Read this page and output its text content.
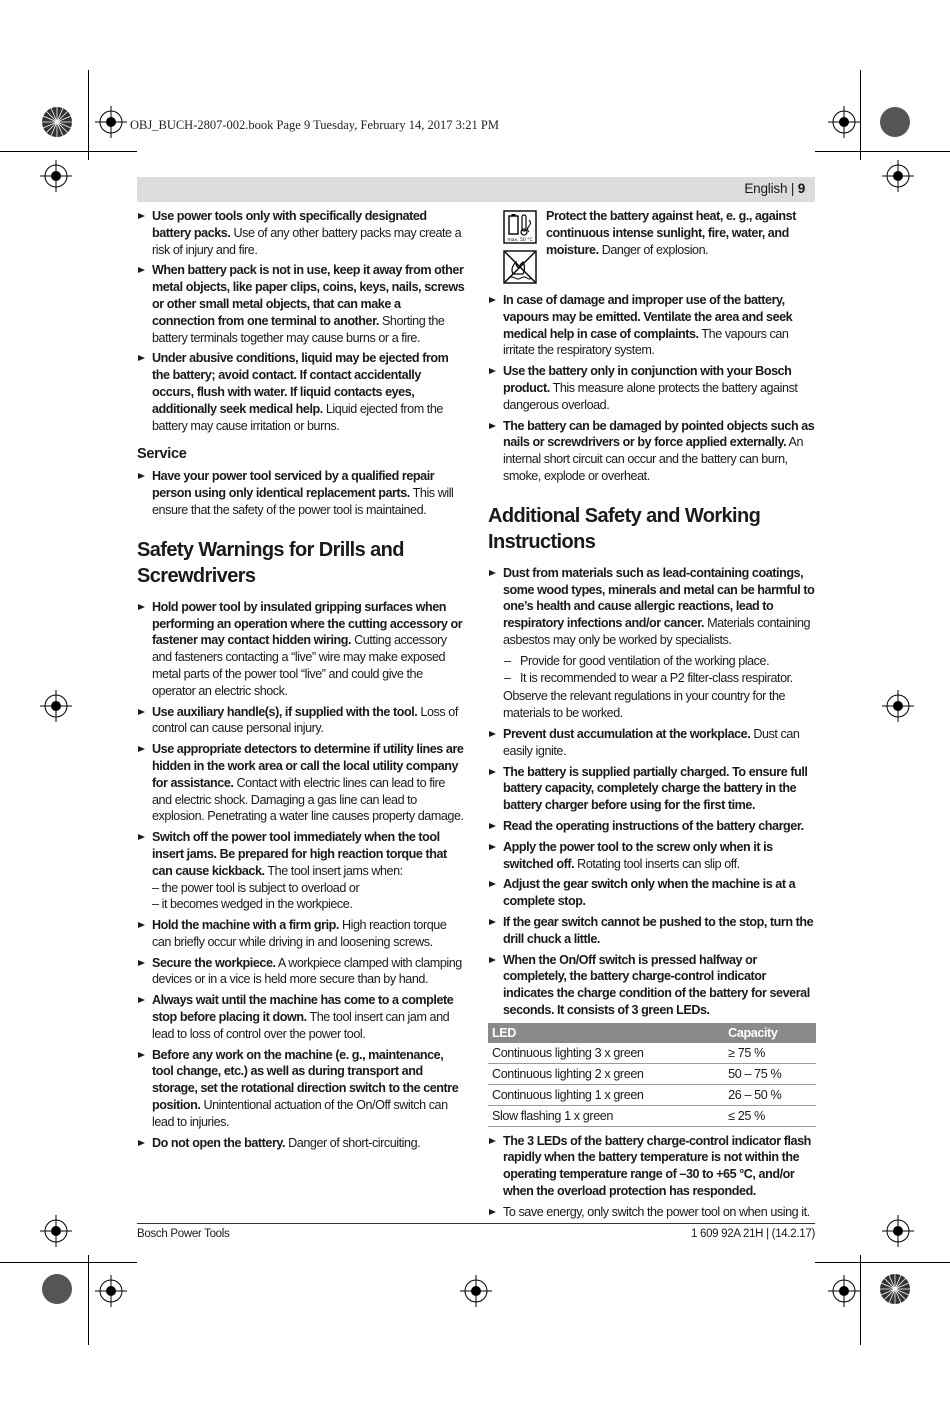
OBJ_BUCH-2807-002.book Page 9 Tuesday, February 14, 2017 3:21 PM
English | 9

Use power tools only with specifically designated battery packs. Use of any other battery packs may create a risk of injury and fire.

When battery pack is not in use, keep it away from other metal objects, like paper clips, coins, keys, nails, screws or other small metal objects, that can make a connection from one terminal to another. Shorting the battery terminals together may cause burns or a fire.

Under abusive conditions, liquid may be ejected from the battery; avoid contact. If contact accidentally occurs, flush with water. If liquid contacts eyes, additionally seek medical help. Liquid ejected from the battery may cause irritation or burns.

Service

Have your power tool serviced by a qualified repair person using only identical replacement parts. This will ensure that the safety of the power tool is maintained.

Safety Warnings for Drills and
Screwdrivers

Hold power tool by insulated gripping surfaces when performing an operation where the cutting accessory or fastener may contact hidden wiring. Cutting accessory and fasteners contacting a “live” wire may make exposed metal parts of the power tool “live” and could give the operator an electric shock.

Use auxiliary handle(s), if supplied with the tool. Loss of control can cause personal injury.

Use appropriate detectors to determine if utility lines are hidden in the work area or call the local utility company for assistance. Contact with electric lines can lead to fire and electric shock. Damaging a gas line can lead to explosion. Penetrating a water line causes property damage.

Switch off the power tool immediately when the tool insert jams. Be prepared for high reaction torque that can cause kickback. The tool insert jams when:
– the power tool is subject to overload or
– it becomes wedged in the workpiece.

Hold the machine with a firm grip. High reaction torque can briefly occur while driving in and loosening screws.

Secure the workpiece. A workpiece clamped with clamping devices or in a vice is held more secure than by hand.

Always wait until the machine has come to a complete stop before placing it down. The tool insert can jam and lead to loss of control over the power tool.

Before any work on the machine (e. g., maintenance, tool change, etc.) as well as during transport and storage, set the rotational direction switch to the centre position. Unintentional actuation of the On/Off switch can lead to injuries.

Do not open the battery. Danger of short-circuiting.

max. 50 °C
Protect the battery against heat, e. g., against continuous intense sunlight, fire, water, and moisture. Danger of explosion.

In case of damage and improper use of the battery, vapours may be emitted. Ventilate the area and seek medical help in case of complaints. The vapours can irritate the respiratory system.

Use the battery only in conjunction with your Bosch product. This measure alone protects the battery against dangerous overload.

The battery can be damaged by pointed objects such as nails or screwdrivers or by force applied externally. An internal short circuit can occur and the battery can burn, smoke, explode or overheat.

Additional Safety and Working
Instructions
Dust from materials such as lead-containing coatings, some wood types, minerals and metal can be harmful to one’s health and cause allergic reactions, lead to respiratory infections and/or cancer. Materials containing asbestos may only be worked by specialists.

– Provide for good ventilation of the working place.

– It is recommended to wear a P2 filter-class respirator.

Observe the relevant regulations in your country for the materials to be worked.

Prevent dust accumulation at the workplace. Dust can easily ignite.

The battery is supplied partially charged. To ensure full battery capacity, completely charge the battery in the battery charger before using for the first time.

Read the operating instructions of the battery charger.

Apply the power tool to the screw only when it is switched off. Rotating tool inserts can slip off.

Adjust the gear switch only when the machine is at a complete stop.

If the gear switch cannot be pushed to the stop, turn the drill chuck a little.

When the On/Off switch is pressed halfway or completely, the battery charge-control indicator indicates the charge condition of the battery for several seconds. It consists of 3 green LEDs.

LED	Capacity
Continuous lighting 3 x green	≥ 75 %
Continuous lighting 2 x green	50 – 75 %
Continuous lighting 1 x green	26 – 50 %
Slow flashing 1 x green	≤ 25 %

The 3 LEDs of the battery charge-control indicator flash rapidly when the battery temperature is not within the operating temperature range of –30 to +65 °C, and/or when the overload protection has responded.

To save energy, only switch the power tool on when using it.

Bosch Power Tools	1 609 92A 21H | (14.2.17)
